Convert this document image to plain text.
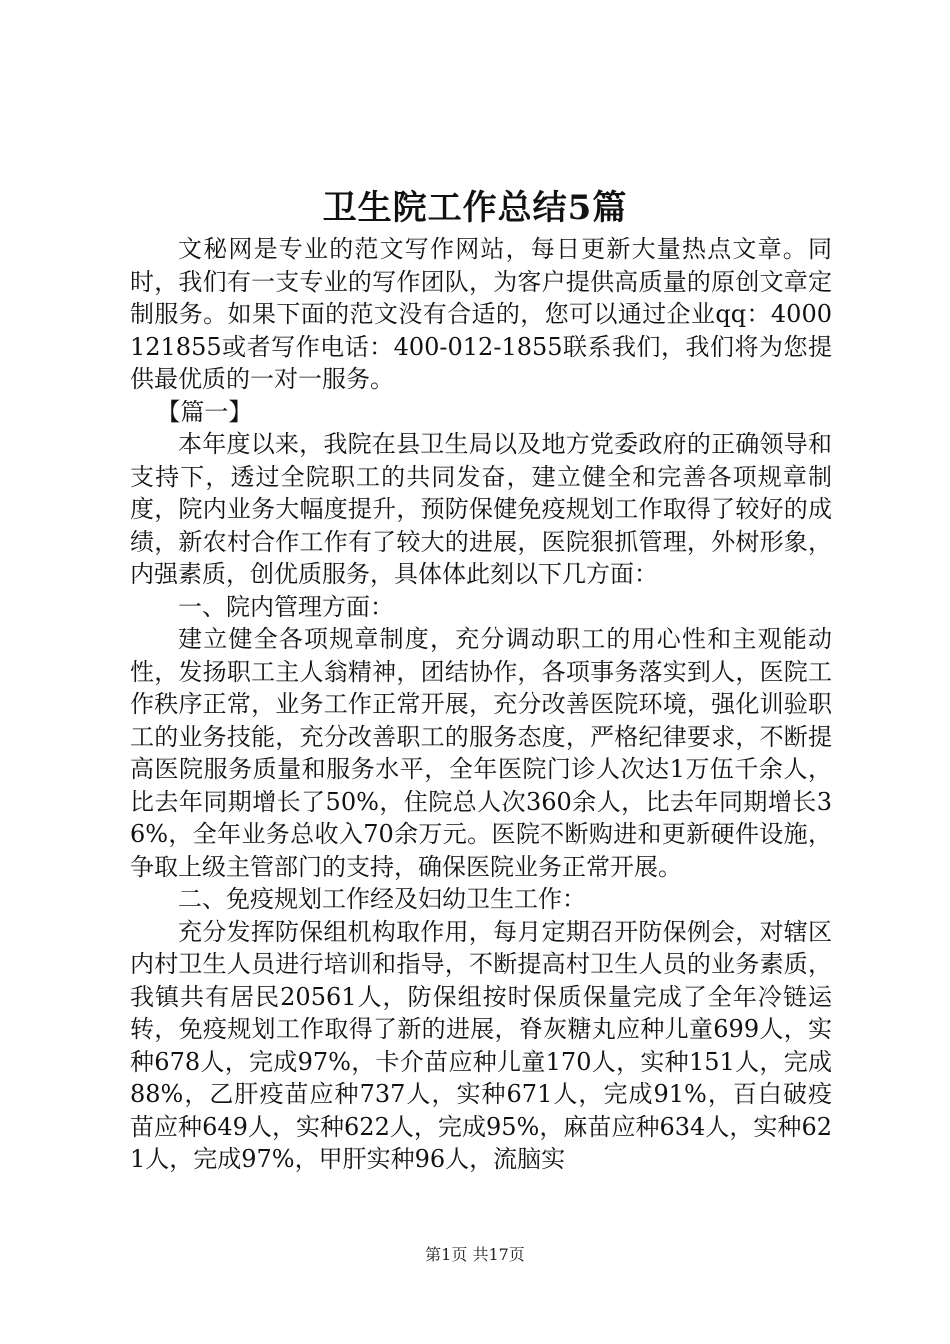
卫生院工作总结5篇

文秘网是专业的范文写作网站，每日更新大量热点文章。同时，我们有一支专业的写作团队，为客户提供高质量的原创文章定制服务。如果下面的范文没有合适的，您可以通过企业qq：4000121855或者写作电话：400-012-1855联系我们，我们将为您提供最优质的一对一服务。

【篇一】

本年度以来，我院在县卫生局以及地方党委政府的正确领导和支持下，透过全院职工的共同发奋，建立健全和完善各项规章制度，院内业务大幅度提升，预防保健免疫规划工作取得了较好的成绩，新农村合作工作有了较大的进展，医院狠抓管理，外树形象，内强素质，创优质服务，具体体此刻以下几方面：

一、院内管理方面：

建立健全各项规章制度，充分调动职工的用心性和主观能动性，发扬职工主人翁精神，团结协作，各项事务落实到人，医院工作秩序正常，业务工作正常开展，充分改善医院环境，强化训验职工的业务技能，充分改善职工的服务态度，严格纪律要求，不断提高医院服务质量和服务水平，全年医院门诊人次达1万伍千余人，比去年同期增长了50%，住院总人次360余人，比去年同期增长36%，全年业务总收入70余万元。医院不断购进和更新硬件设施，争取上级主管部门的支持，确保医院业务正常开展。

二、免疫规划工作经及妇幼卫生工作：

充分发挥防保组机构取作用，每月定期召开防保例会，对辖区内村卫生人员进行培训和指导，不断提高村卫生人员的业务素质，我镇共有居民20561人，防保组按时保质保量完成了全年冷链运转，免疫规划工作取得了新的进展，脊灰糖丸应种儿童699人，实种678人，完成97%，卡介苗应种儿童170人，实种151人，完成88%，乙肝疫苗应种737人，实种671人，完成91%，百白破疫苗应种649人，实种622人，完成95%，麻苗应种634人，实种621人，完成97%，甲肝实种96人，流脑实

第1页 共17页
